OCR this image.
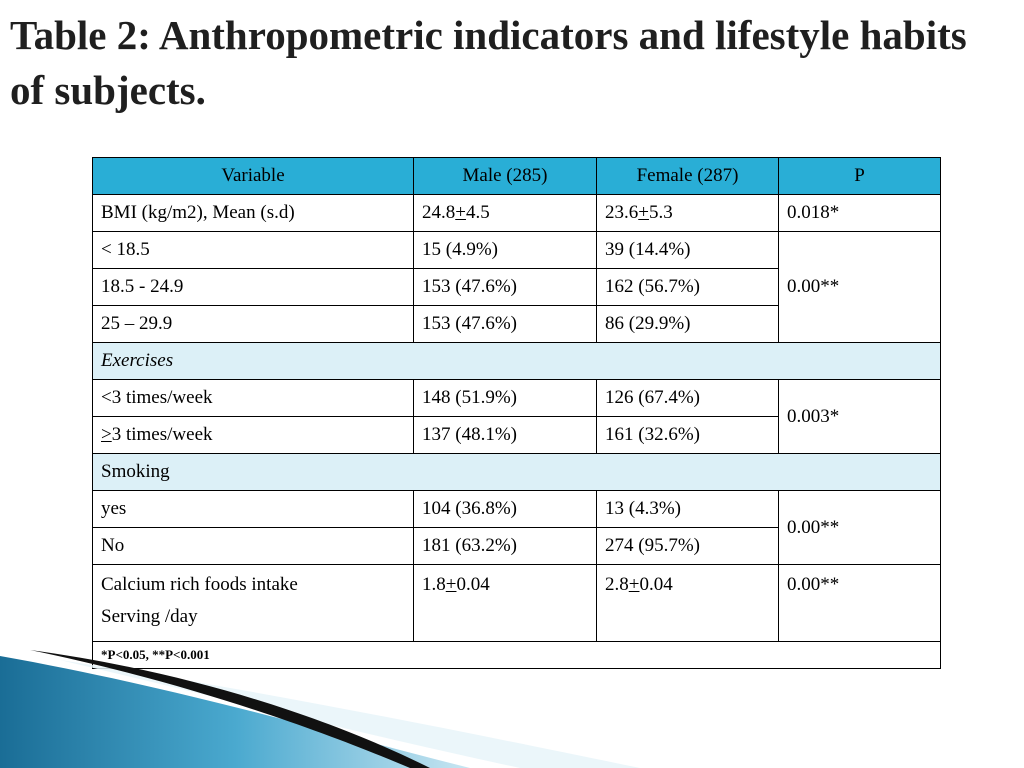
Table 2: Anthropometric indicators and lifestyle habits of subjects.
Variable	Male (285)	Female (287)	P
BMI (kg/m2), Mean (s.d)	24.8+4.5	23.6+5.3	0.018*
< 18.5	15 (4.9%)	39 (14.4%)	0.00**
18.5 - 24.9	153 (47.6%)	162 (56.7%)	
25 – 29.9	153 (47.6%)	86 (29.9%)	
Exercises			
<3 times/week	148 (51.9%)	126 (67.4%)	0.003*
≥3 times/week	137 (48.1%)	161 (32.6%)	
Smoking			
yes	104 (36.8%)	13 (4.3%)	0.00**
No	181 (63.2%)	274 (95.7%)	

Calcium rich foods intake
Serving /day	1.8+0.04	2.8+0.04	0.00**
*P<0.05, **P<0.001			
